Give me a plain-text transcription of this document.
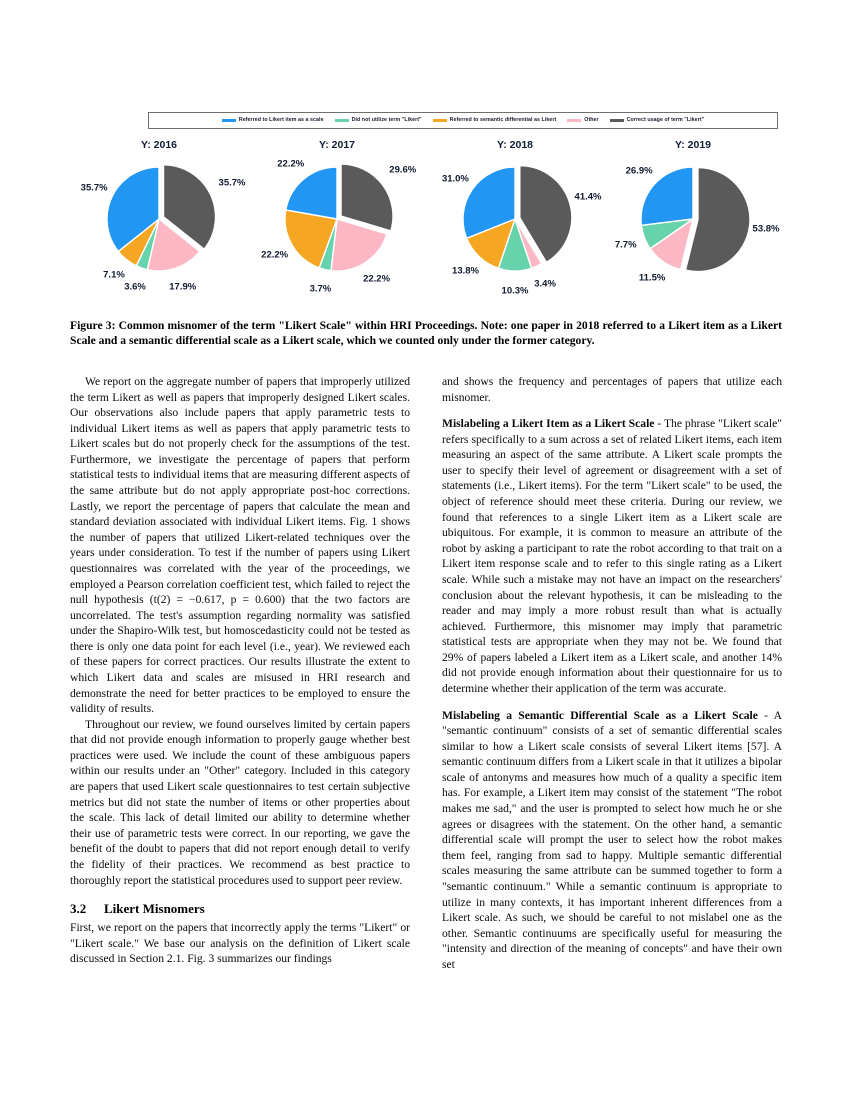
Referred to Likert item as a scale	Did not utilize term "Likert"	Referred to semantic differential as Likert	Other	Correct usage of term "Likert"
Y: 2016
35.7%
17.9%
3.6%
7.1%
35.7%
Y: 2017
29.6%
22.2%
3.7%
22.2%
22.2%
Y: 2018
41.4%
3.4%
10.3%
13.8%
31.0%
Y: 2019
53.8%
11.5%
7.7%
26.9%
Figure 3: Common misnomer of the term "Likert Scale" within HRI Proceedings. Note: one paper in 2018 referred to a Likert item as a Likert Scale and a semantic differential scale as a Likert scale, which we counted only under the former category.

We report on the aggregate number of papers that improperly utilized the term Likert as well as papers that improperly designed Likert scales. Our observations also include papers that apply parametric tests to individual Likert items as well as papers that apply parametric tests to Likert scales but do not properly check for the assumptions of the test. Furthermore, we investigate the percentage of papers that perform statistical tests to individual items that are measuring different aspects of the same attribute but do not apply appropriate post-hoc corrections. Lastly, we report the percentage of papers that calculate the mean and standard deviation associated with individual Likert items. Fig. 1 shows the number of papers that utilized Likert-related techniques over the years under consideration. To test if the number of papers using Likert questionnaires was correlated with the year of the proceedings, we employed a Pearson correlation coefficient test, which failed to reject the null hypothesis (t(2) = −0.617, p = 0.600) that the two factors are uncorrelated. The test's assumption regarding normality was satisfied under the Shapiro-Wilk test, but homoscedasticity could not be tested as there is only one data point for each level (i.e., year). We reviewed each of these papers for correct practices. Our results illustrate the extent to which Likert data and scales are misused in HRI research and demonstrate the need for better practices to be employed to ensure the validity of results.

Throughout our review, we found ourselves limited by certain papers that did not provide enough information to properly gauge whether best practices were used. We include the count of these ambiguous papers within our results under an "Other" category. Included in this category are papers that used Likert scale questionnaires to test certain subjective metrics but did not state the number of items or other properties about the scale. This lack of detail limited our ability to determine whether their use of parametric tests were correct. In our reporting, we gave the benefit of the doubt to papers that did not report enough detail to verify the fidelity of their practices. We recommend as best practice to thoroughly report the statistical procedures used to support peer review.

3.2 Likert Misnomers

First, we report on the papers that incorrectly apply the terms "Likert" or "Likert scale." We base our analysis on the definition of Likert scale discussed in Section 2.1. Fig. 3 summarizes our findings

and shows the frequency and percentages of papers that utilize each misnomer.

Mislabeling a Likert Item as a Likert Scale - The phrase "Likert scale" refers specifically to a sum across a set of related Likert items, each item measuring an aspect of the same attribute. A Likert scale prompts the user to specify their level of agreement or disagreement with a set of statements (i.e., Likert items). For the term "Likert scale" to be used, the object of reference should meet these criteria. During our review, we found that references to a single Likert item as a Likert scale are ubiquitous. For example, it is common to measure an attribute of the robot by asking a participant to rate the robot according to that trait on a Likert item response scale and to refer to this single rating as a Likert scale. While such a mistake may not have an impact on the researchers' conclusion about the relevant hypothesis, it can be misleading to the reader and may imply a more robust result than what is actually achieved. Furthermore, this misnomer may imply that parametric statistical tests are appropriate when they may not be. We found that 29% of papers labeled a Likert item as a Likert scale, and another 14% did not provide enough information about their questionnaire for us to determine whether their application of the term was accurate.

Mislabeling a Semantic Differential Scale as a Likert Scale - A "semantic continuum" consists of a set of semantic differential scales similar to how a Likert scale consists of several Likert items [57]. A semantic continuum differs from a Likert scale in that it utilizes a bipolar scale of antonyms and measures how much of a quality a specific item has. For example, a Likert item may consist of the statement "The robot makes me sad," and the user is prompted to select how much he or she agrees or disagrees with the statement. On the other hand, a semantic differential scale will prompt the user to select how the robot makes them feel, ranging from sad to happy. Multiple semantic differential scales measuring the same attribute can be summed together to form a "semantic continuum." While a semantic continuum is appropriate to utilize in many contexts, it has important inherent differences from a Likert scale. As such, we should be careful to not mislabel one as the other. Semantic continuums are specifically useful for measuring the "intensity and direction of the meaning of concepts" and have their own set
